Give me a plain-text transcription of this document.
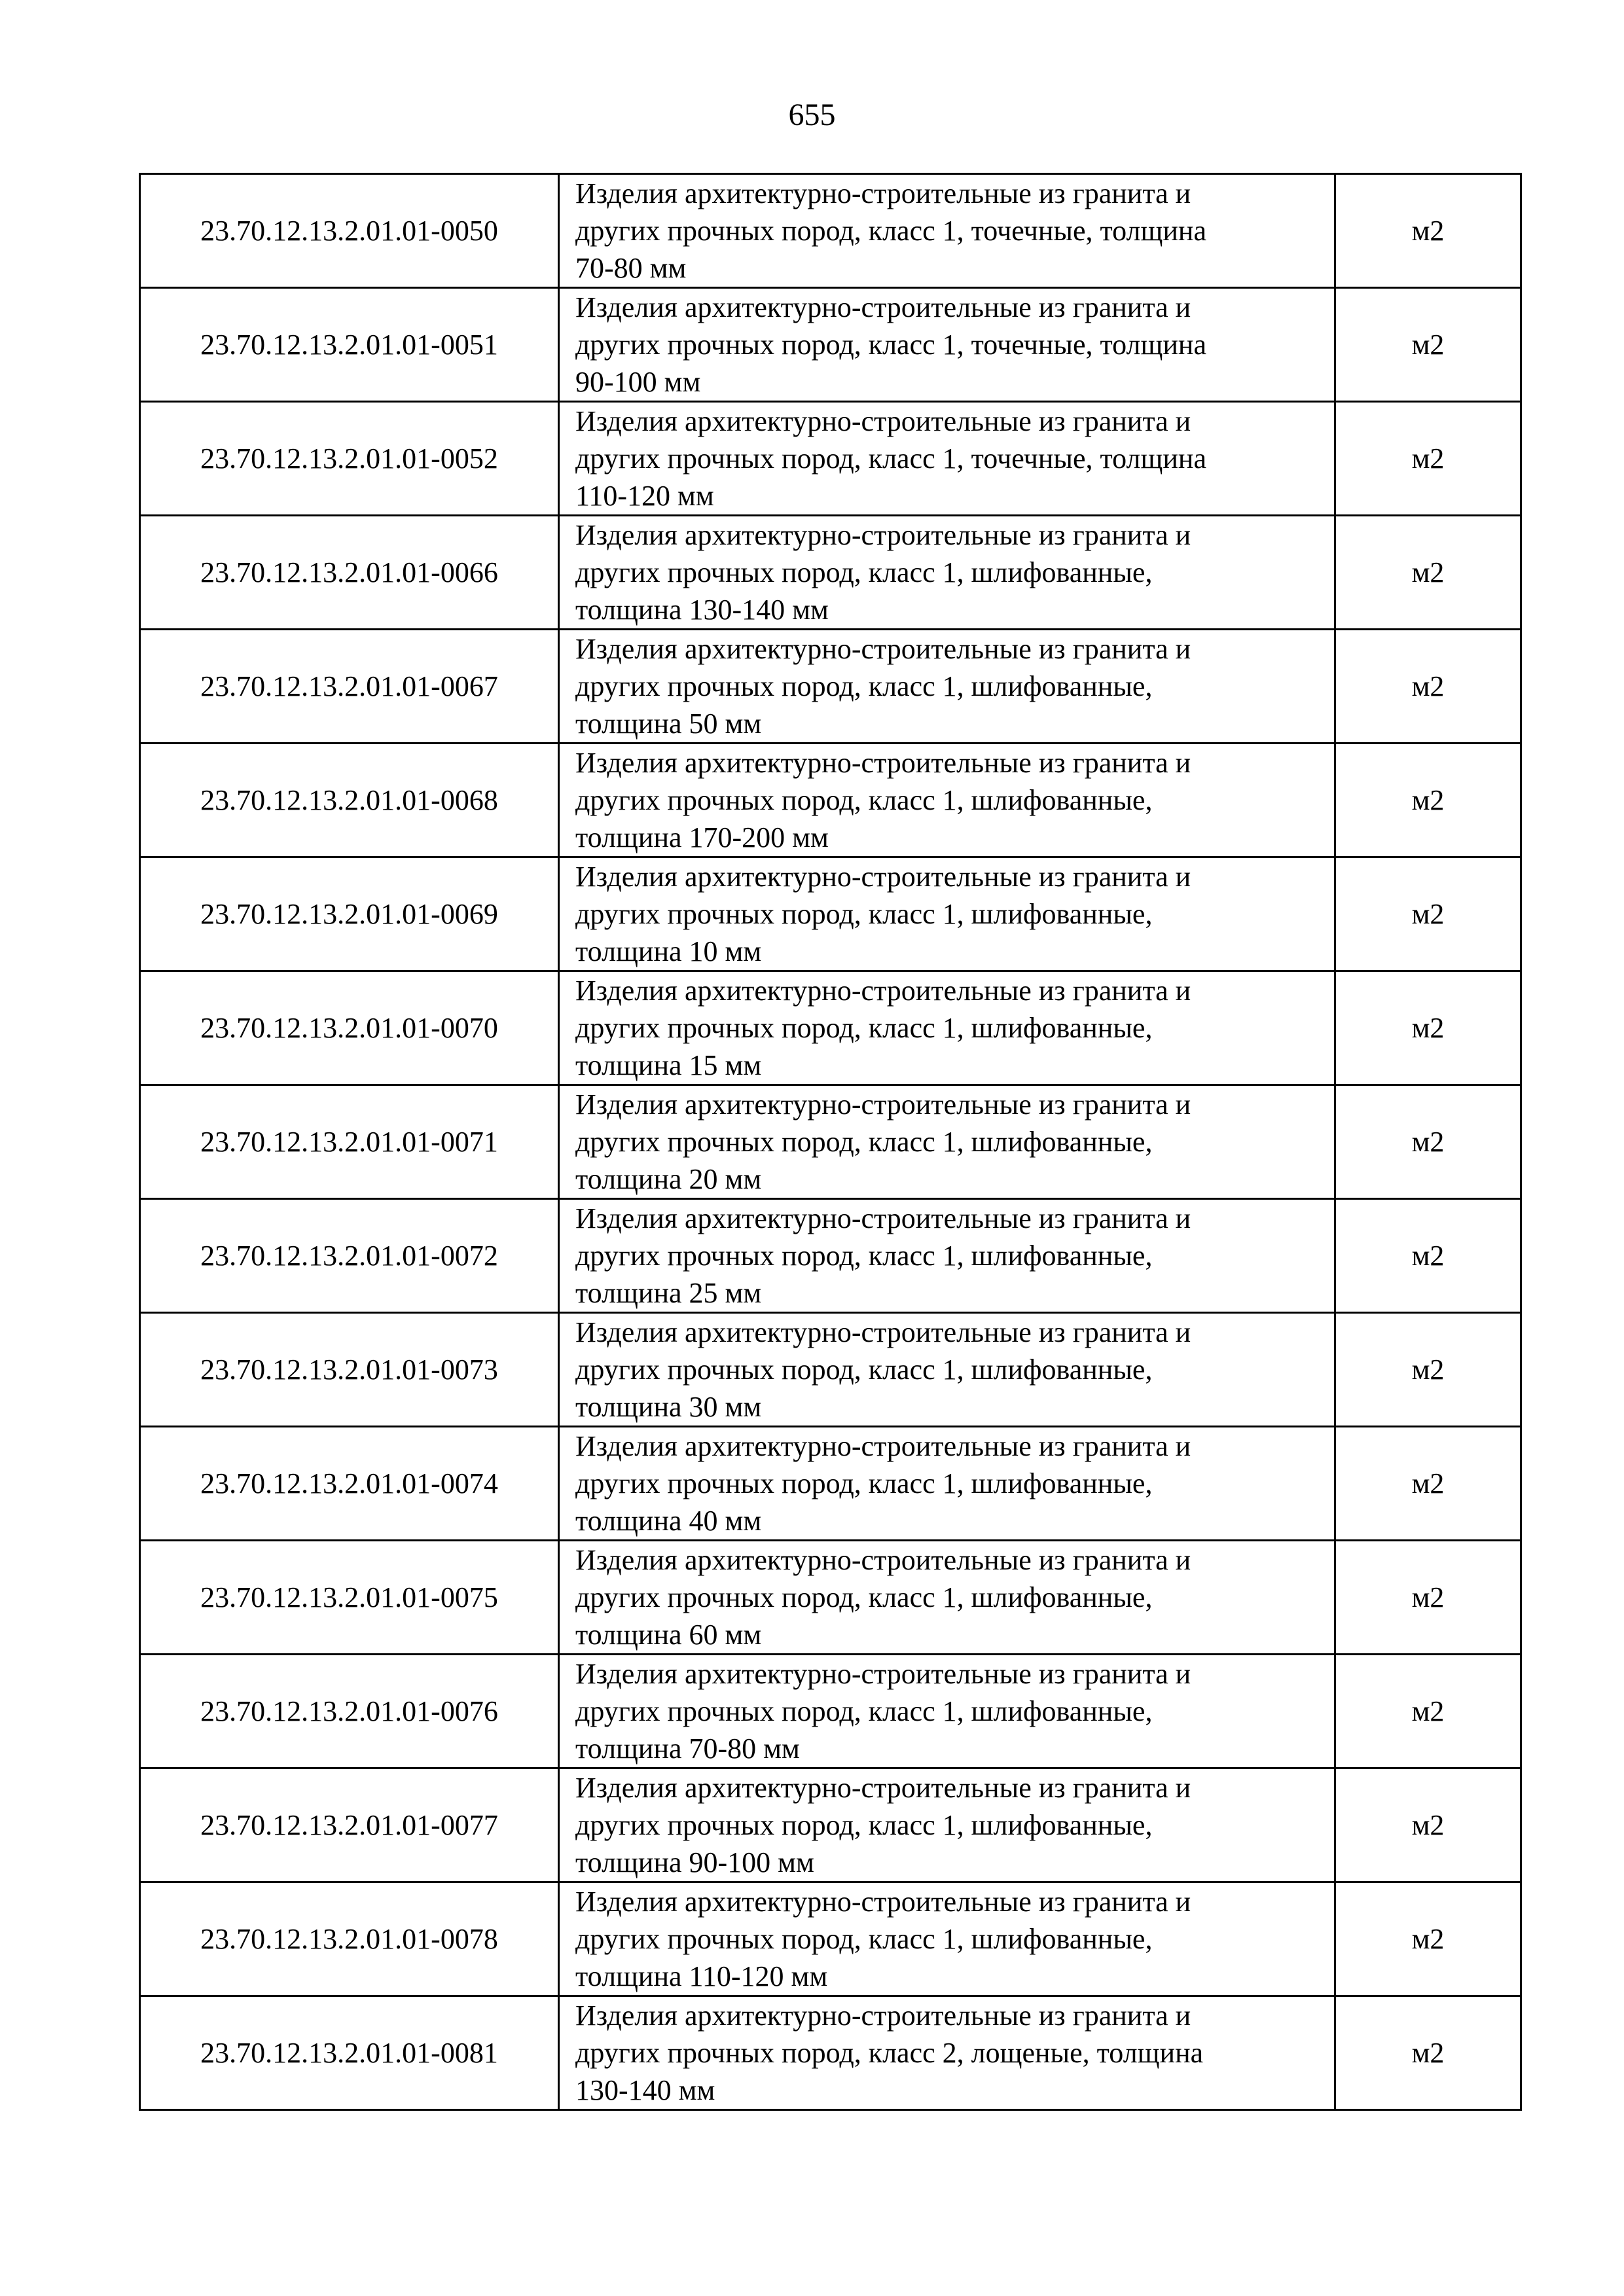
655
23.70.12.13.2.01.01-0050	Изделия архитектурно-строительные из гранита и
других прочных пород, класс 1, точечные, толщина
70-80 мм	м2
23.70.12.13.2.01.01-0051	Изделия архитектурно-строительные из гранита и
других прочных пород, класс 1, точечные, толщина
90-100 мм	м2
23.70.12.13.2.01.01-0052	Изделия архитектурно-строительные из гранита и
других прочных пород, класс 1, точечные, толщина
110-120 мм	м2
23.70.12.13.2.01.01-0066	Изделия архитектурно-строительные из гранита и
других прочных пород, класс 1, шлифованные,
толщина 130-140 мм	м2
23.70.12.13.2.01.01-0067	Изделия архитектурно-строительные из гранита и
других прочных пород, класс 1, шлифованные,
толщина 50 мм	м2
23.70.12.13.2.01.01-0068	Изделия архитектурно-строительные из гранита и
других прочных пород, класс 1, шлифованные,
толщина 170-200 мм	м2
23.70.12.13.2.01.01-0069	Изделия архитектурно-строительные из гранита и
других прочных пород, класс 1, шлифованные,
толщина 10 мм	м2
23.70.12.13.2.01.01-0070	Изделия архитектурно-строительные из гранита и
других прочных пород, класс 1, шлифованные,
толщина 15 мм	м2
23.70.12.13.2.01.01-0071	Изделия архитектурно-строительные из гранита и
других прочных пород, класс 1, шлифованные,
толщина 20 мм	м2
23.70.12.13.2.01.01-0072	Изделия архитектурно-строительные из гранита и
других прочных пород, класс 1, шлифованные,
толщина 25 мм	м2
23.70.12.13.2.01.01-0073	Изделия архитектурно-строительные из гранита и
других прочных пород, класс 1, шлифованные,
толщина 30 мм	м2
23.70.12.13.2.01.01-0074	Изделия архитектурно-строительные из гранита и
других прочных пород, класс 1, шлифованные,
толщина 40 мм	м2
23.70.12.13.2.01.01-0075	Изделия архитектурно-строительные из гранита и
других прочных пород, класс 1, шлифованные,
толщина 60 мм	м2
23.70.12.13.2.01.01-0076	Изделия архитектурно-строительные из гранита и
других прочных пород, класс 1, шлифованные,
толщина 70-80 мм	м2
23.70.12.13.2.01.01-0077	Изделия архитектурно-строительные из гранита и
других прочных пород, класс 1, шлифованные,
толщина 90-100 мм	м2
23.70.12.13.2.01.01-0078	Изделия архитектурно-строительные из гранита и
других прочных пород, класс 1, шлифованные,
толщина 110-120 мм	м2
23.70.12.13.2.01.01-0081	Изделия архитектурно-строительные из гранита и
других прочных пород, класс 2, лощеные, толщина
130-140 мм	м2
